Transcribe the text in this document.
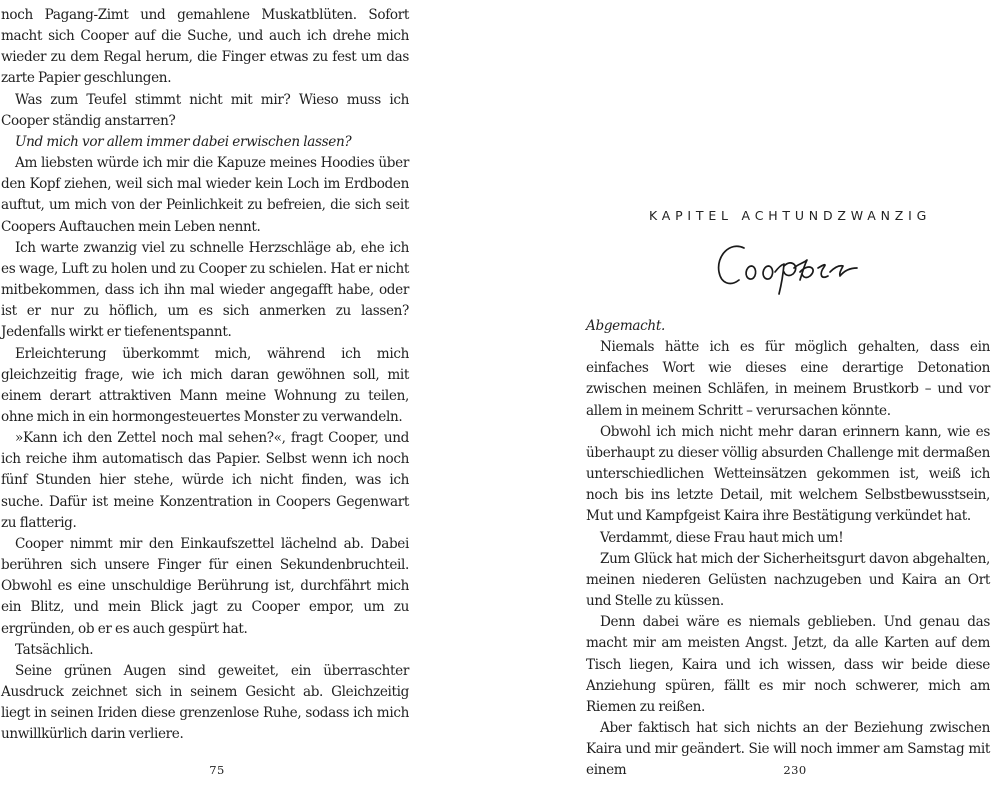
noch Pagang-Zimt und gemahlene Muskatblüten. Sofort macht sich Cooper auf die Suche, und auch ich drehe mich wieder zu dem Regal herum, die Finger etwas zu fest um das zarte Papier geschlungen.

Was zum Teufel stimmt nicht mit mir? Wieso muss ich Cooper ständig anstarren?

Und mich vor allem immer dabei erwischen lassen?

Am liebsten würde ich mir die Kapuze meines Hoodies über den Kopf ziehen, weil sich mal wieder kein Loch im Erdboden auftut, um mich von der Peinlichkeit zu befreien, die sich seit Coopers Auftauchen mein Leben nennt.

Ich warte zwanzig viel zu schnelle Herzschläge ab, ehe ich es wage, Luft zu holen und zu Cooper zu schielen. Hat er nicht mitbekommen, dass ich ihn mal wieder angegafft habe, oder ist er nur zu höflich, um es sich anmerken zu lassen? Jedenfalls wirkt er tiefenentspannt.

Erleichterung überkommt mich, während ich mich gleichzeitig frage, wie ich mich daran gewöhnen soll, mit einem derart attraktiven Mann meine Wohnung zu teilen, ohne mich in ein hormongesteuertes Monster zu verwandeln.

»Kann ich den Zettel noch mal sehen?«, fragt Cooper, und ich reiche ihm automatisch das Papier. Selbst wenn ich noch fünf Stunden hier stehe, würde ich nicht finden, was ich suche. Dafür ist meine Konzentration in Coopers Gegenwart zu flatterig.

Cooper nimmt mir den Einkaufszettel lächelnd ab. Dabei berühren sich unsere Finger für einen Sekundenbruchteil. Obwohl es eine unschuldige Berührung ist, durchfährt mich ein Blitz, und mein Blick jagt zu Cooper empor, um zu ergründen, ob er es auch gespürt hat.

Tatsächlich.

Seine grünen Augen sind geweitet, ein überraschter Ausdruck zeichnet sich in seinem Gesicht ab. Gleichzeitig liegt in seinen Iriden diese grenzenlose Ruhe, sodass ich mich unwillkürlich darin verliere.

75

KAPITEL ACHTUNDZWANZIG

Abgemacht.

Niemals hätte ich es für möglich gehalten, dass ein einfaches Wort wie dieses eine derartige Detonation zwischen meinen Schläfen, in meinem Brustkorb – und vor allem in meinem Schritt – verursachen könnte.

Obwohl ich mich nicht mehr daran erinnern kann, wie es überhaupt zu dieser völlig absurden Challenge mit dermaßen unterschiedlichen Wetteinsätzen gekommen ist, weiß ich noch bis ins letzte Detail, mit welchem Selbstbewusstsein, Mut und Kampfgeist Kaira ihre Bestätigung verkündet hat.

Verdammt, diese Frau haut mich um!

Zum Glück hat mich der Sicherheitsgurt davon abgehalten, meinen niederen Gelüsten nachzugeben und Kaira an Ort und Stelle zu küssen.

Denn dabei wäre es niemals geblieben. Und genau das macht mir am meisten Angst. Jetzt, da alle Karten auf dem Tisch liegen, Kaira und ich wissen, dass wir beide diese Anziehung spüren, fällt es mir noch schwerer, mich am Riemen zu reißen.

Aber faktisch hat sich nichts an der Beziehung zwischen Kaira und mir geändert. Sie will noch immer am Samstag mit einem	230
